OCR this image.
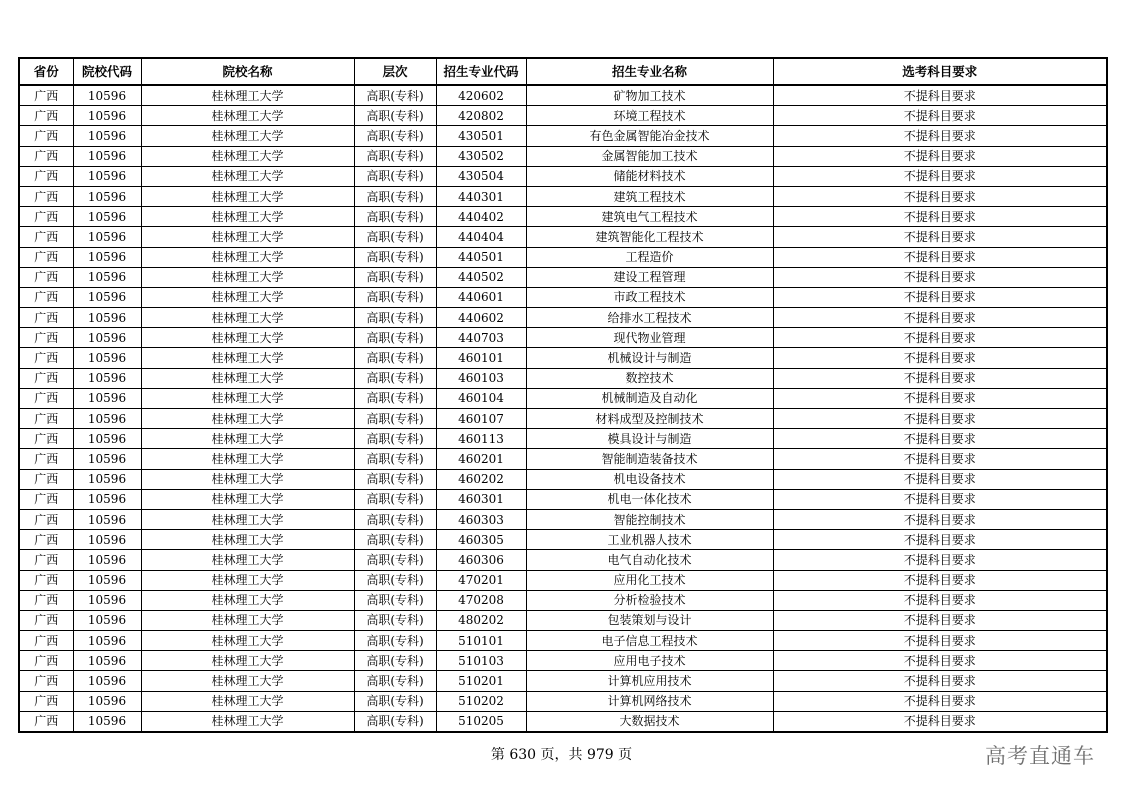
省份	院校代码	院校名称	层次	招生专业代码	招生专业名称	选考科目要求
广西	10596	桂林理工大学	高职(专科)	420602	矿物加工技术	不提科目要求
广西	10596	桂林理工大学	高职(专科)	420802	环境工程技术	不提科目要求
广西	10596	桂林理工大学	高职(专科)	430501	有色金属智能冶金技术	不提科目要求
广西	10596	桂林理工大学	高职(专科)	430502	金属智能加工技术	不提科目要求
广西	10596	桂林理工大学	高职(专科)	430504	储能材料技术	不提科目要求
广西	10596	桂林理工大学	高职(专科)	440301	建筑工程技术	不提科目要求
广西	10596	桂林理工大学	高职(专科)	440402	建筑电气工程技术	不提科目要求
广西	10596	桂林理工大学	高职(专科)	440404	建筑智能化工程技术	不提科目要求
广西	10596	桂林理工大学	高职(专科)	440501	工程造价	不提科目要求
广西	10596	桂林理工大学	高职(专科)	440502	建设工程管理	不提科目要求
广西	10596	桂林理工大学	高职(专科)	440601	市政工程技术	不提科目要求
广西	10596	桂林理工大学	高职(专科)	440602	给排水工程技术	不提科目要求
广西	10596	桂林理工大学	高职(专科)	440703	现代物业管理	不提科目要求
广西	10596	桂林理工大学	高职(专科)	460101	机械设计与制造	不提科目要求
广西	10596	桂林理工大学	高职(专科)	460103	数控技术	不提科目要求
广西	10596	桂林理工大学	高职(专科)	460104	机械制造及自动化	不提科目要求
广西	10596	桂林理工大学	高职(专科)	460107	材料成型及控制技术	不提科目要求
广西	10596	桂林理工大学	高职(专科)	460113	模具设计与制造	不提科目要求
广西	10596	桂林理工大学	高职(专科)	460201	智能制造装备技术	不提科目要求
广西	10596	桂林理工大学	高职(专科)	460202	机电设备技术	不提科目要求
广西	10596	桂林理工大学	高职(专科)	460301	机电一体化技术	不提科目要求
广西	10596	桂林理工大学	高职(专科)	460303	智能控制技术	不提科目要求
广西	10596	桂林理工大学	高职(专科)	460305	工业机器人技术	不提科目要求
广西	10596	桂林理工大学	高职(专科)	460306	电气自动化技术	不提科目要求
广西	10596	桂林理工大学	高职(专科)	470201	应用化工技术	不提科目要求
广西	10596	桂林理工大学	高职(专科)	470208	分析检验技术	不提科目要求
广西	10596	桂林理工大学	高职(专科)	480202	包装策划与设计	不提科目要求
广西	10596	桂林理工大学	高职(专科)	510101	电子信息工程技术	不提科目要求
广西	10596	桂林理工大学	高职(专科)	510103	应用电子技术	不提科目要求
广西	10596	桂林理工大学	高职(专科)	510201	计算机应用技术	不提科目要求
广西	10596	桂林理工大学	高职(专科)	510202	计算机网络技术	不提科目要求
广西	10596	桂林理工大学	高职(专科)	510205	大数据技术	不提科目要求
第 630 页，共 979 页	高考直通车
